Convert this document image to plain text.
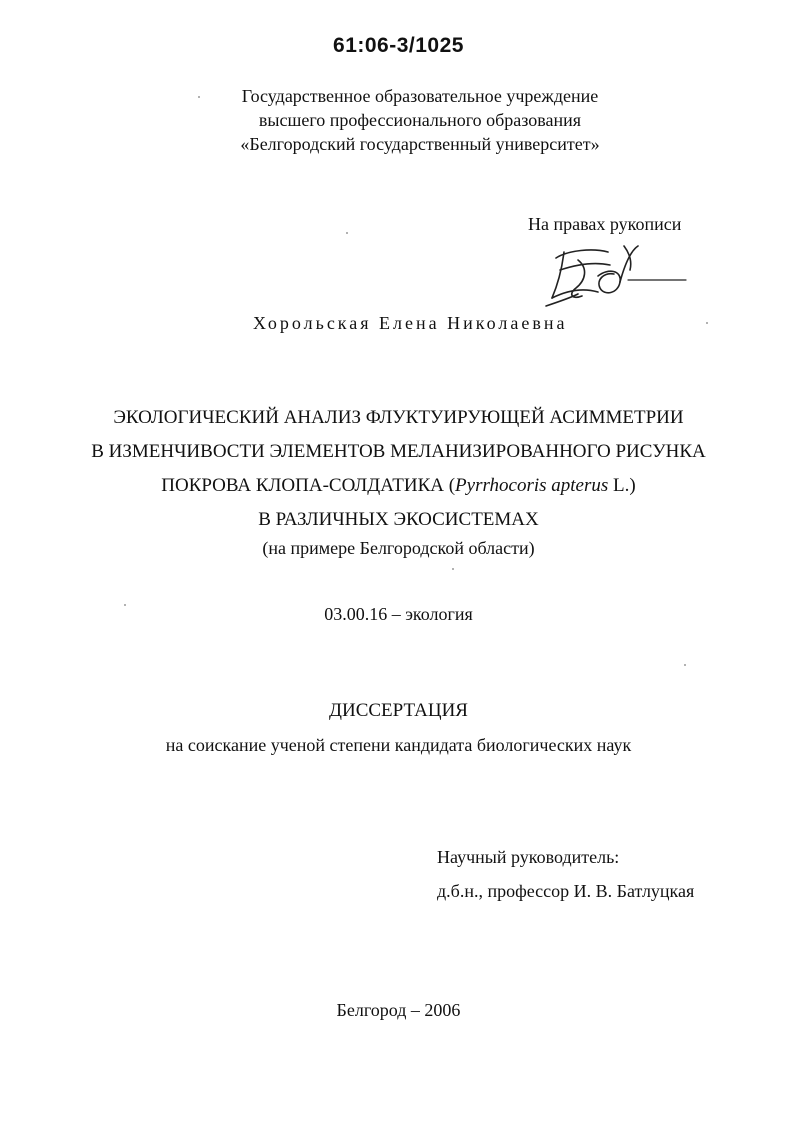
61:06-3/1025
Государственное образовательное учреждение
высшего профессионального образования
«Белгородский государственный университет»
На правах рукописи
Хорольская Елена Николаевна
ЭКОЛОГИЧЕСКИЙ АНАЛИЗ ФЛУКТУИРУЮЩЕЙ АСИММЕТРИИ
В ИЗМЕНЧИВОСТИ ЭЛЕМЕНТОВ МЕЛАНИЗИРОВАННОГО РИСУНКА
ПОКРОВА КЛОПА-СОЛДАТИКА (Pyrrhocoris apterus L.)
В РАЗЛИЧНЫХ ЭКОСИСТЕМАХ
(на примере Белгородской области)
03.00.16 – экология
ДИССЕРТАЦИЯ
на соискание ученой степени кандидата биологических наук
Научный руководитель:
д.б.н., профессор И. В. Батлуцкая
Белгород – 2006
